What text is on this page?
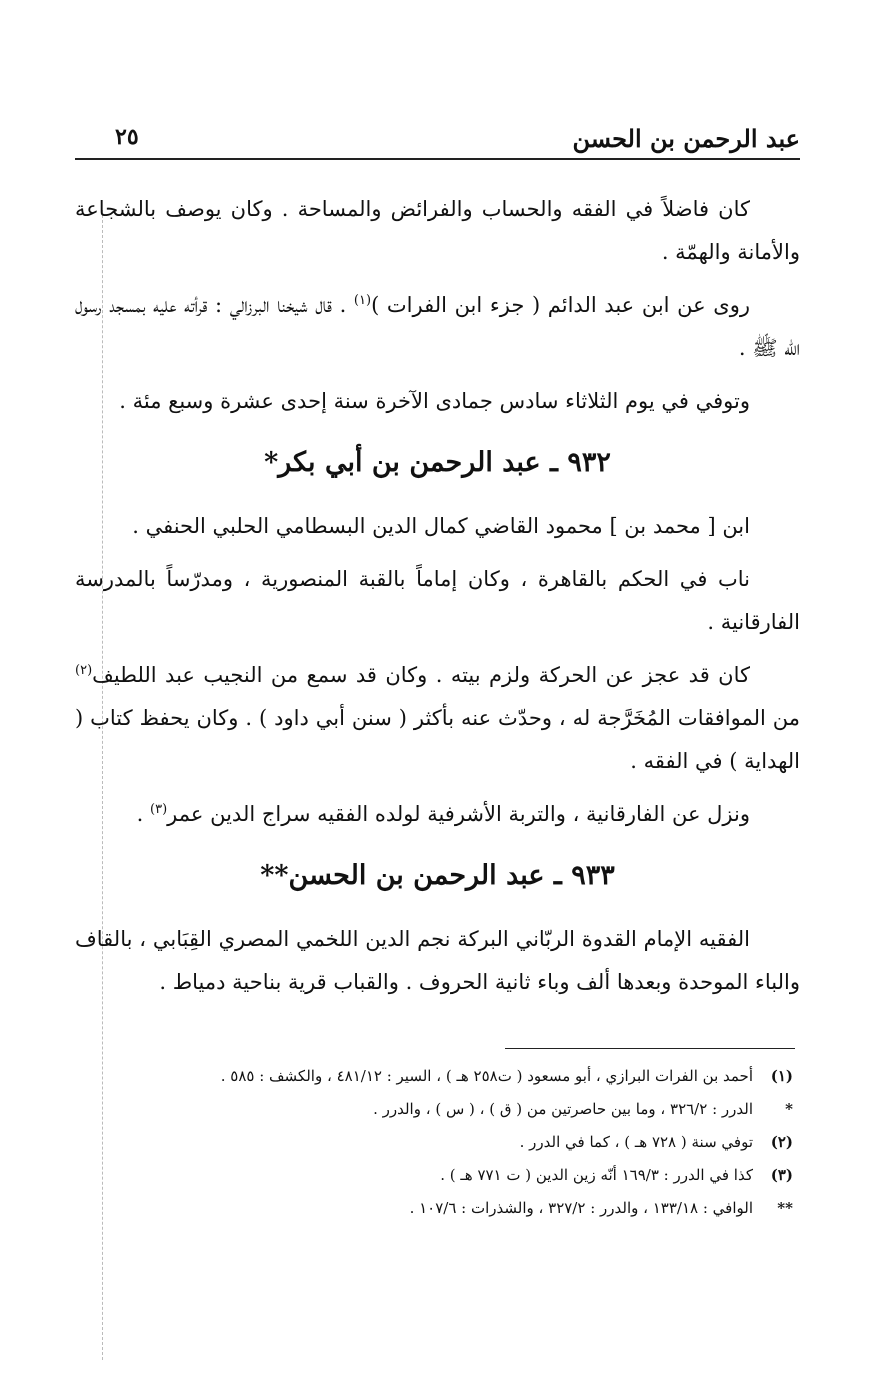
عبد الرحمن بن الحسن
٢٥

كان فاضلاً في الفقه والحساب والفرائض والمساحة . وكان يوصف بالشجاعة والأمانة والهمّة .

روى عن ابن عبد الدائم ( جزء ابن الفرات )$^{(١)}$ . قال شيخنا البرزالي : قرأته عليه بمسجد رسول الله ﷺ .

وتوفي في يوم الثلاثاء سادس جمادى الآخرة سنة إحدى عشرة وسبع مئة .

٩٣٢ ـ عبد الرحمن بن أبي بكر*

ابن [ محمد بن ] محمود القاضي كمال الدين البسطامي الحلبي الحنفي .

ناب في الحكم بالقاهرة ، وكان إماماً بالقبة المنصورية ، ومدرّساً بالمدرسة الفارقانية .

كان قد عجز عن الحركة ولزم بيته . وكان قد سمع من النجيب عبد اللطيف$^{(٢)}$ من الموافقات المُخَرَّجة له ، وحدّث عنه بأكثر ( سنن أبي داود ) . وكان يحفظ كتاب ( الهداية ) في الفقه .

ونزل عن الفارقانية ، والتربة الأشرفية لولده الفقيه سراج الدين عمر$^{(٣)}$ .

٩٣٣ ـ عبد الرحمن بن الحسن**

الفقيه الإمام القدوة الربّاني البركة نجم الدين اللخمي المصري القِبَابي ، بالقاف والباء الموحدة وبعدها ألف وباء ثانية الحروف . والقباب قرية بناحية دمياط .

(١)
أحمد بن الفرات البرازي ، أبو مسعود ( ت٢٥٨ هـ ) ، السير : ٤٨١/١٢ ، والكشف : ٥٨٥ .
*
الدرر : ٣٢٦/٢ ، وما بين حاصرتين من ( ق ) ، ( س ) ، والدرر .
(٢)
توفي سنة ( ٧٢٨ هـ ) ، كما في الدرر .
(٣)
كذا في الدرر : ١٦٩/٣ أنّه زين الدين ( ت ٧٧١ هـ ) .
**
الوافي : ١٣٣/١٨ ، والدرر : ٣٢٧/٢ ، والشذرات : ١٠٧/٦ .
